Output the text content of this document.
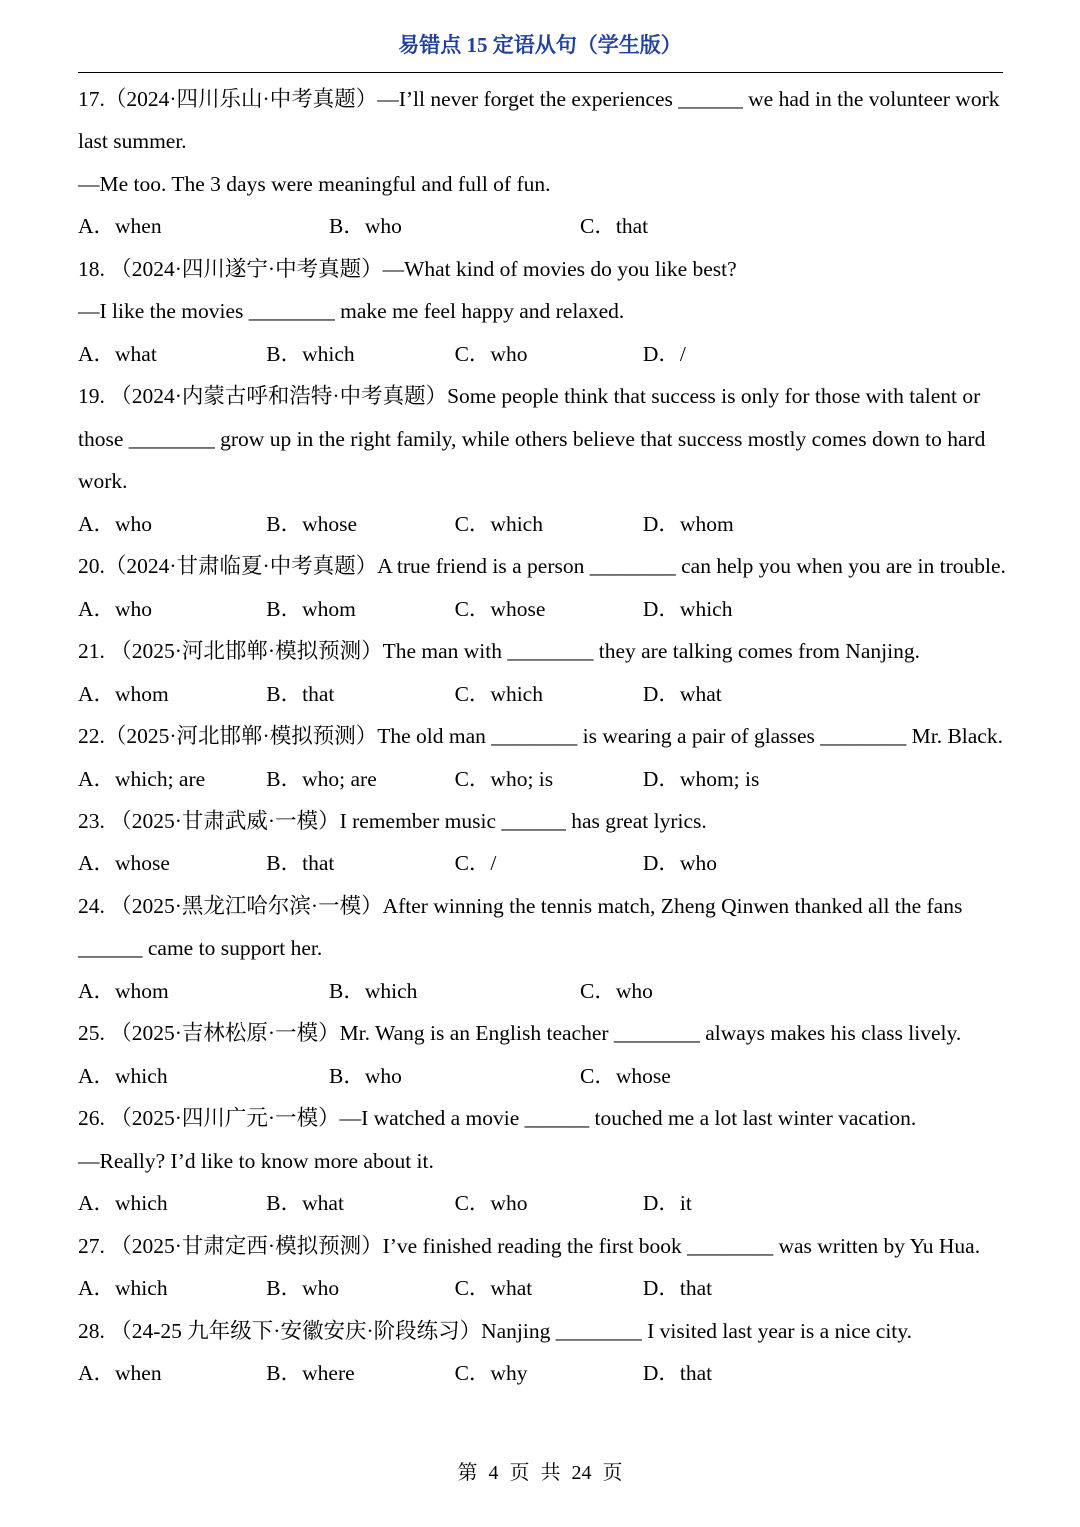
易错点 15 定语从句（学生版）
17.（2024·四川乐山·中考真题）—I’ll never forget the experiences ______ we had in the volunteer work
last summer.
—Me too. The 3 days were meaningful and full of fun.
A．when	B．who	C．that
18. （2024·四川遂宁·中考真题）—What kind of movies do you like best?
—I like the movies ________ make me feel happy and relaxed.
A．what	B．which	C．who	D．/
19. （2024·内蒙古呼和浩特·中考真题）Some people think that success is only for those with talent or
those ________ grow up in the right family, while others believe that success mostly comes down to hard
work.
A．who	B．whose	C．which	D．whom
20.（2024·甘肃临夏·中考真题）A true friend is a person ________ can help you when you are in trouble.
A．who	B．whom	C．whose	D．which
21. （2025·河北邯郸·模拟预测）The man with ________ they are talking comes from Nanjing.
A．whom	B．that	C．which	D．what
22.（2025·河北邯郸·模拟预测）The old man ________ is wearing a pair of glasses ________ Mr. Black.
A．which; are	B．who; are	C．who; is	D．whom; is
23. （2025·甘肃武威·一模）I remember music ______ has great lyrics.
A．whose	B．that	C．/	D．who
24. （2025·黑龙江哈尔滨·一模）After winning the tennis match, Zheng Qinwen thanked all the fans
______ came to support her.
A．whom	B．which	C．who
25. （2025·吉林松原·一模）Mr. Wang is an English teacher ________ always makes his class lively.
A．which	B．who	C．whose
26. （2025·四川广元·一模）—I watched a movie ______ touched me a lot last winter vacation.
—Really? I’d like to know more about it.
A．which	B．what	C．who	D．it
27. （2025·甘肃定西·模拟预测）I’ve finished reading the first book ________ was written by Yu Hua.
A．which	B．who	C．what	D．that
28. （24-25 九年级下·安徽安庆·阶段练习）Nanjing ________ I visited last year is a nice city.
A．when	B．where	C．why	D．that
第 4 页 共 24 页
